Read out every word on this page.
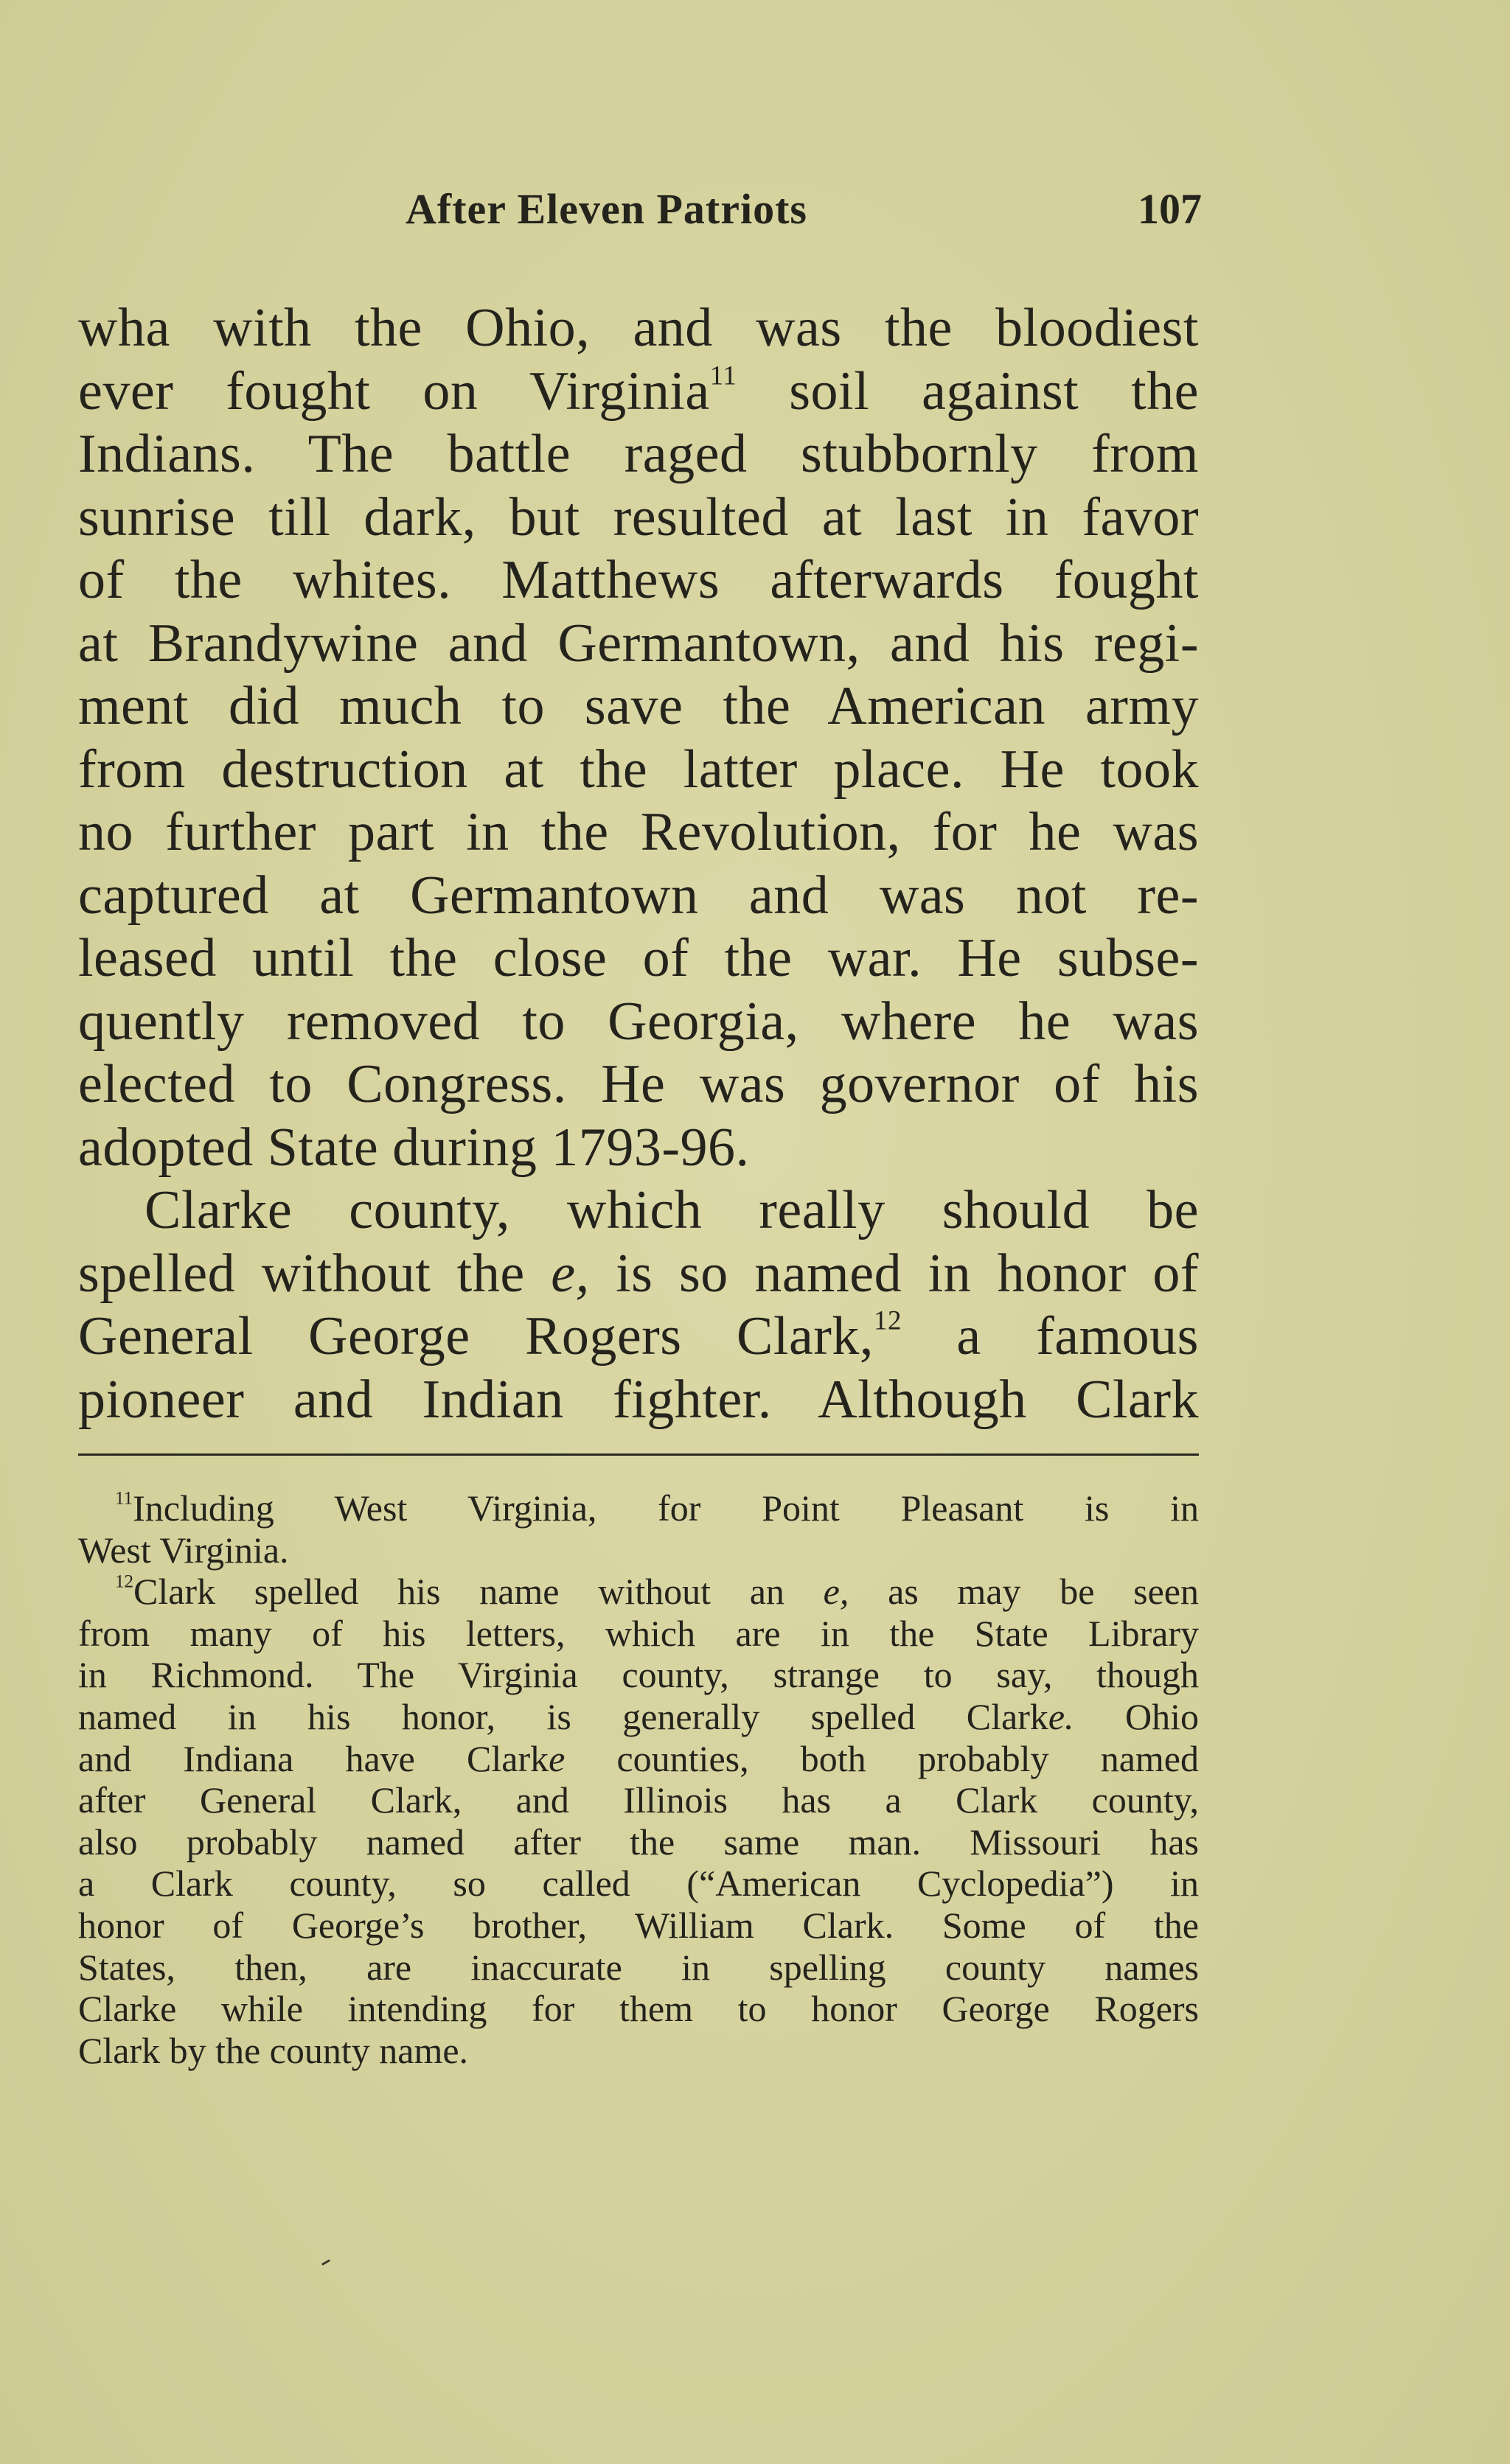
After Eleven Patriots	107
wha with the Ohio, and was the bloodiest
ever fought on Virginia$^{11}$ soil against the
Indians. The battle raged stubbornly from
sunrise till dark, but resulted at last in favor
of the whites. Matthews afterwards fought
at Brandywine and Germantown, and his regi-
ment did much to save the American army
from destruction at the latter place. He took
no further part in the Revolution, for he was
captured at Germantown and was not re-
leased until the close of the war. He subse-
quently removed to Georgia, where he was
elected to Congress. He was governor of his
adopted State during 1793-96.
Clarke county, which really should be
spelled without the e, is so named in honor of
General George Rogers Clark,$^{12}$ a famous
pioneer and Indian fighter. Although Clark
$^{11}$Including West Virginia, for Point Pleasant is in
West Virginia.
$^{12}$Clark spelled his name without an e, as may be seen
from many of his letters, which are in the State Library
in Richmond. The Virginia county, strange to say, though
named in his honor, is generally spelled Clarke. Ohio
and Indiana have Clarke counties, both probably named
after General Clark, and Illinois has a Clark county,
also probably named after the same man. Missouri has
a Clark county, so called (“American Cyclopedia”) in
honor of George’s brother, William Clark. Some of the
States, then, are inaccurate in spelling county names
Clarke while intending for them to honor George Rogers
Clark by the county name.
